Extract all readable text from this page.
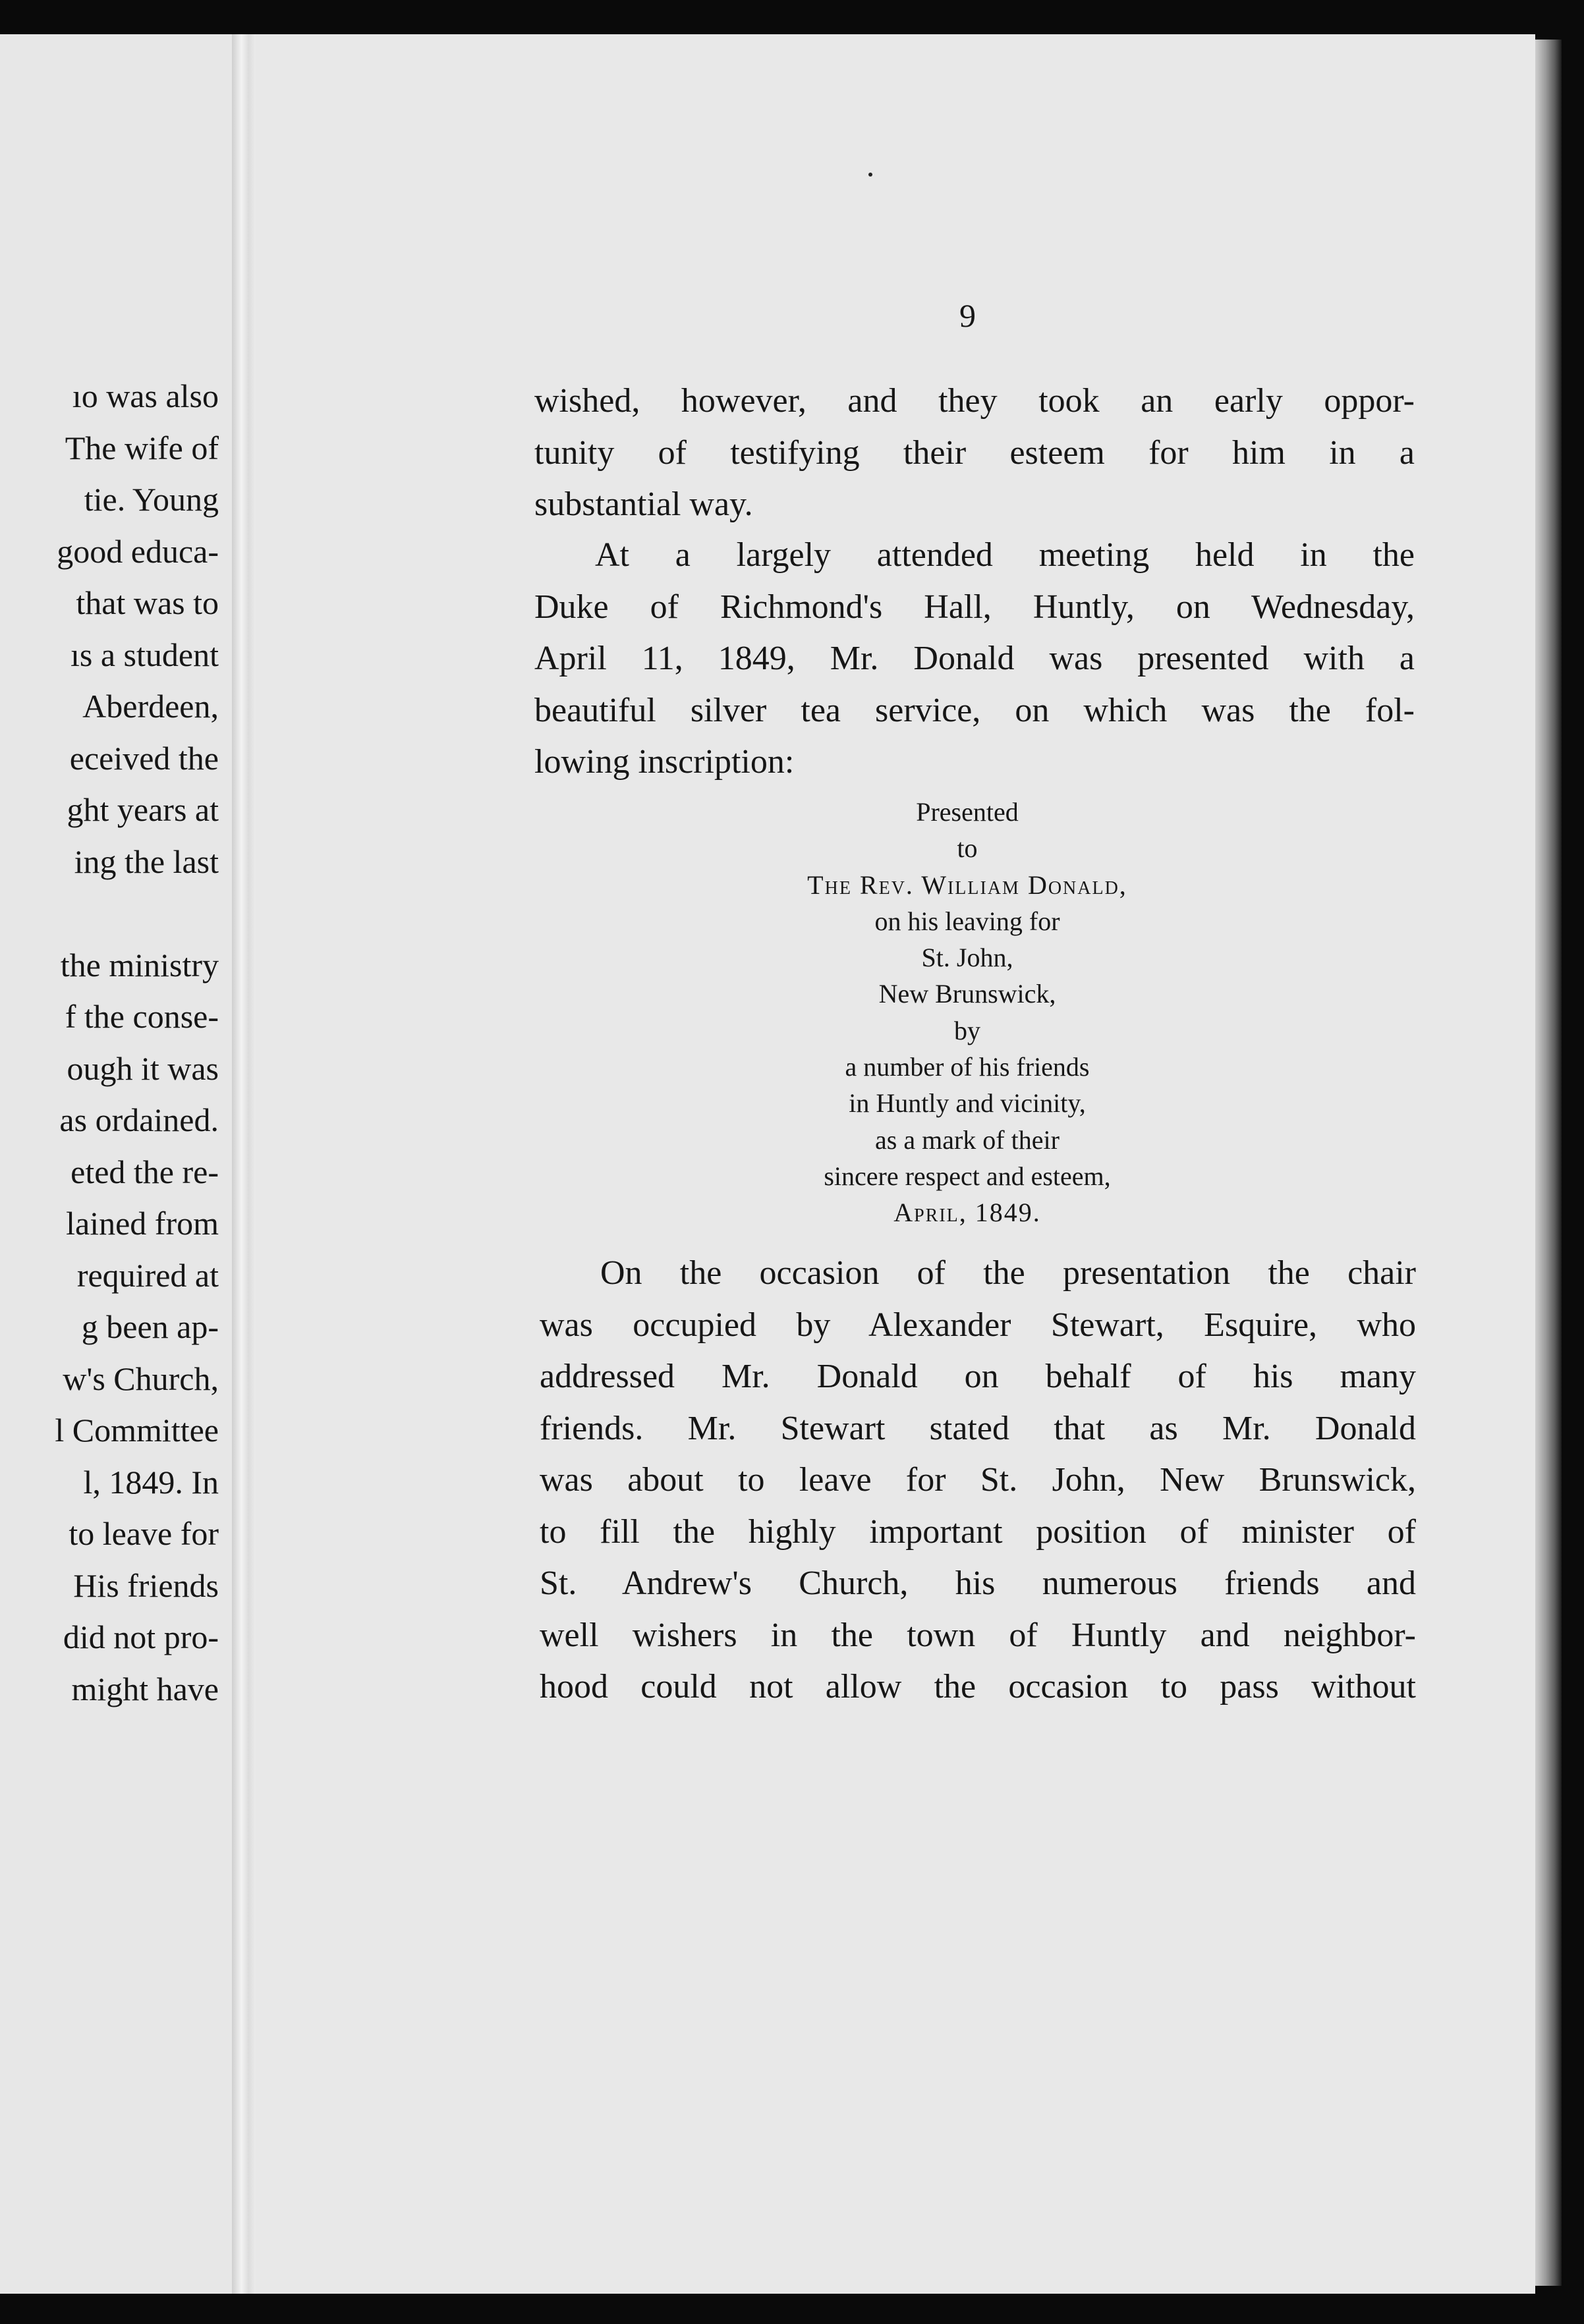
ıo was also
The wife of
tie. Young
good educa-
that was to
ıs a student
Aberdeen,
eceived the
ght years at
ing the last
the ministry
f the conse-
ough it was
as ordained.
eted the re-
lained from
required at
g been ap-
w's Church,
l Committee
l, 1849. In
to leave for
His friends
did not pro-
might have
9
wished, however, and they took an early oppor-
tunity of testifying their esteem for him in a
substantial way.
At a largely attended meeting held in the
Duke of Richmond's Hall, Huntly, on Wednesday,
April 11, 1849, Mr. Donald was presented with a
beautiful silver tea service, on which was the fol-
lowing inscription:
Presented
to
The Rev. William Donald,
on his leaving for
St. John,
New Brunswick,
by
a number of his friends
in Huntly and vicinity,
as a mark of their
sincere respect and esteem,
April, 1849.
On the occasion of the presentation the chair
was occupied by Alexander Stewart, Esquire, who
addressed Mr. Donald on behalf of his many
friends. Mr. Stewart stated that as Mr. Donald
was about to leave for St. John, New Brunswick,
to fill the highly important position of minister of
St. Andrew's Church, his numerous friends and
well wishers in the town of Huntly and neighbor-
hood could not allow the occasion to pass without
